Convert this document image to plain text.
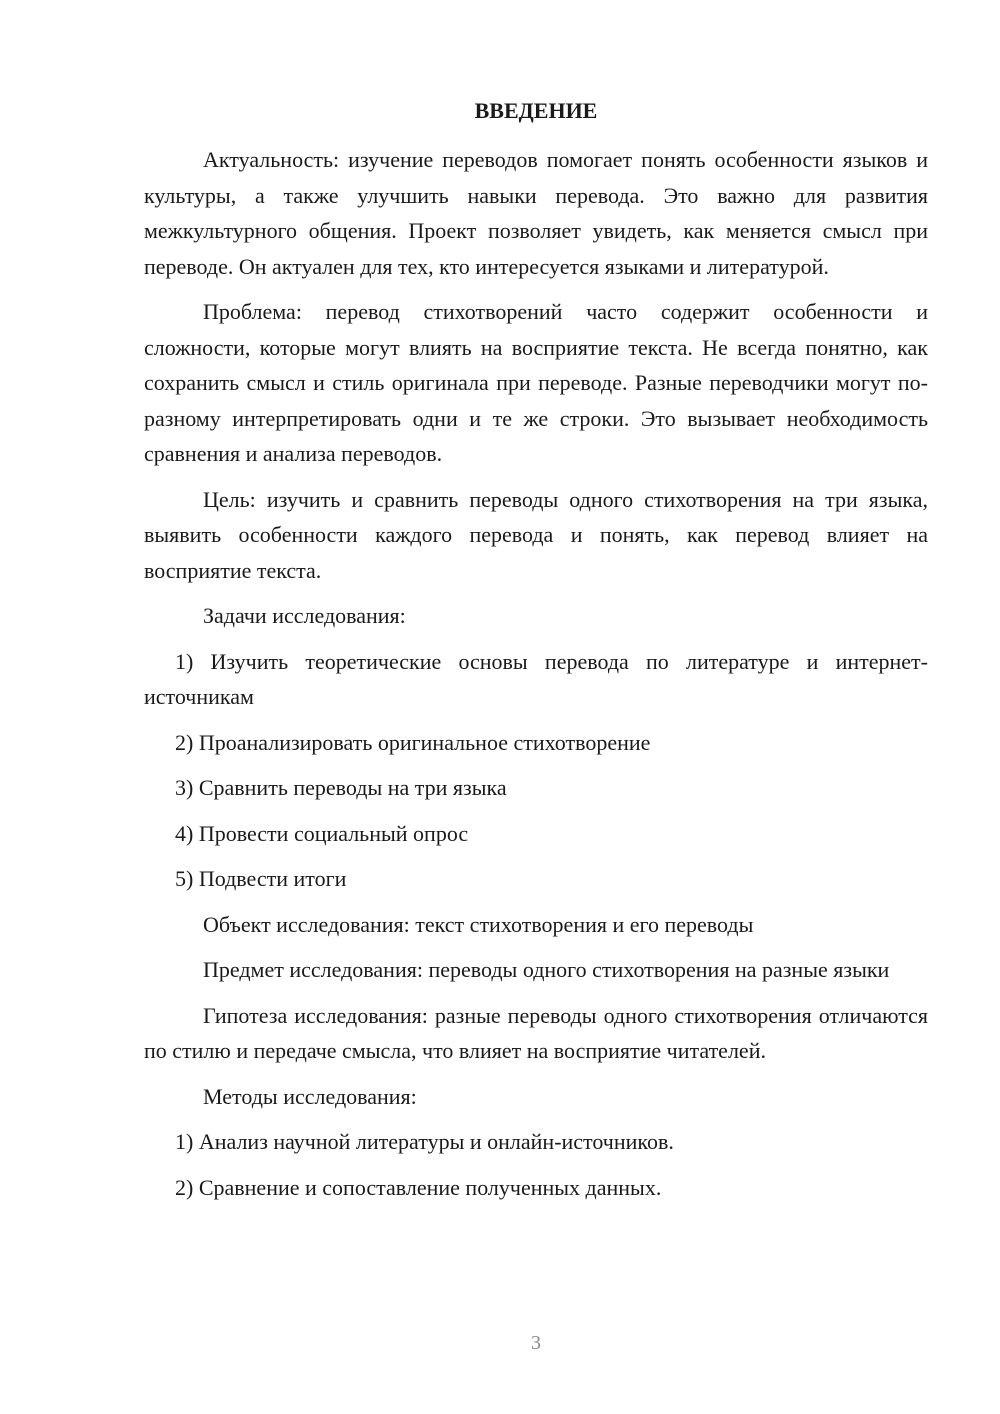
ВВЕДЕНИЕ

Актуальность: изучение переводов помогает понять особенности языков и культуры, а также улучшить навыки перевода. Это важно для развития межкультурного общения. Проект позволяет увидеть, как меняется смысл при переводе. Он актуален для тех, кто интересуется языками и литературой.

Проблема: перевод стихотворений часто содержит особенности и сложности, которые могут влиять на восприятие текста. Не всегда понятно, как сохранить смысл и стиль оригинала при переводе. Разные переводчики могут по-разному интерпретировать одни и те же строки. Это вызывает необходимость сравнения и анализа переводов.

Цель: изучить и сравнить переводы одного стихотворения на три языка, выявить особенности каждого перевода и понять, как перевод влияет на восприятие текста.

Задачи исследования:

1) Изучить теоретические основы перевода по литературе и интернет-источникам

2) Проанализировать оригинальное стихотворение

3) Сравнить переводы на три языка

4) Провести социальный опрос

5) Подвести итоги

Объект исследования: текст стихотворения и его переводы

Предмет исследования: переводы одного стихотворения на разные языки

Гипотеза исследования: разные переводы одного стихотворения отличаются по стилю и передаче смысла, что влияет на восприятие читателей.

Методы исследования:

1) Анализ научной литературы и онлайн-источников.

2) Сравнение и сопоставление полученных данных.

3
